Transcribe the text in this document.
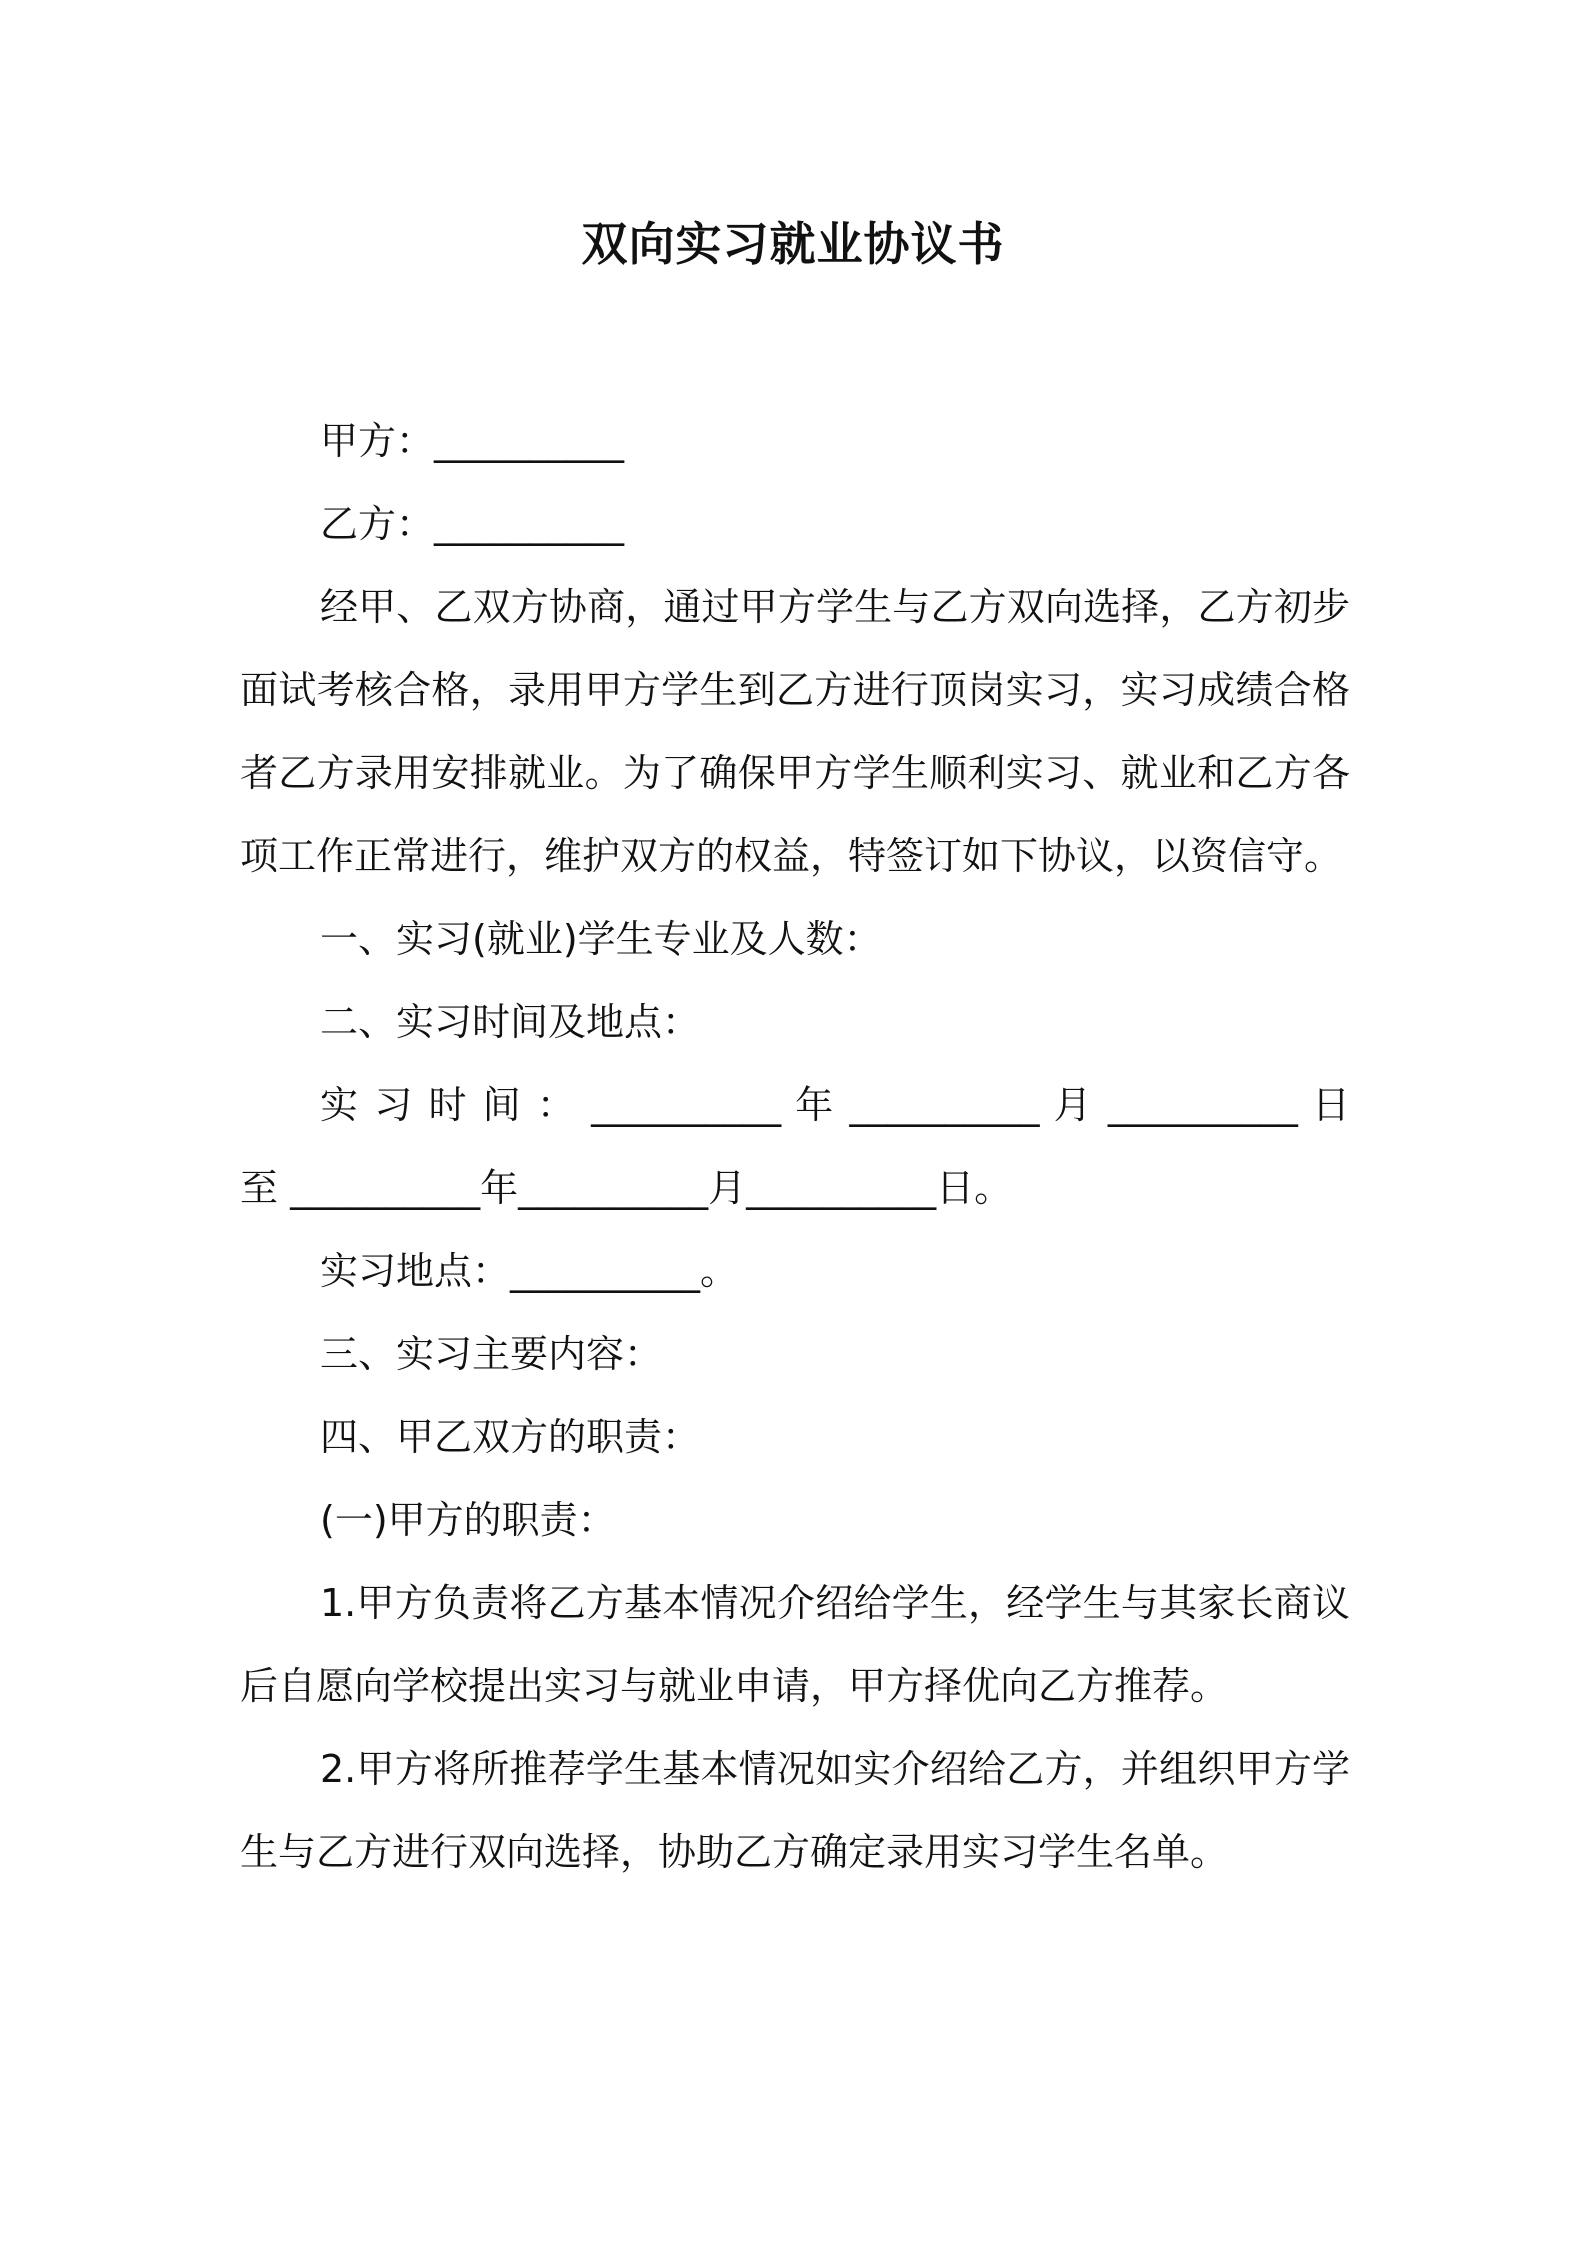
双向实习就业协议书

甲方：__________

乙方：__________

经甲、乙双方协商，通过甲方学生与乙方双向选择，乙方初步面试考核合格，录用甲方学生到乙方进行顶岗实习，实习成绩合格者乙方录用安排就业。为了确保甲方学生顺利实习、就业和乙方各项工作正常进行，维护双方的权益，特签订如下协议，以资信守。

一、实习(就业)学生专业及人数：

二、实习时间及地点：

实 习 时 间 ： __________ 年 __________ 月 __________ 日 至 __________年__________月__________日。

实习地点：__________。

三、实习主要内容：

四、甲乙双方的职责：

(一)甲方的职责：

1.甲方负责将乙方基本情况介绍给学生，经学生与其家长商议后自愿向学校提出实习与就业申请，甲方择优向乙方推荐。

2.甲方将所推荐学生基本情况如实介绍给乙方，并组织甲方学生与乙方进行双向选择，协助乙方确定录用实习学生名单。
